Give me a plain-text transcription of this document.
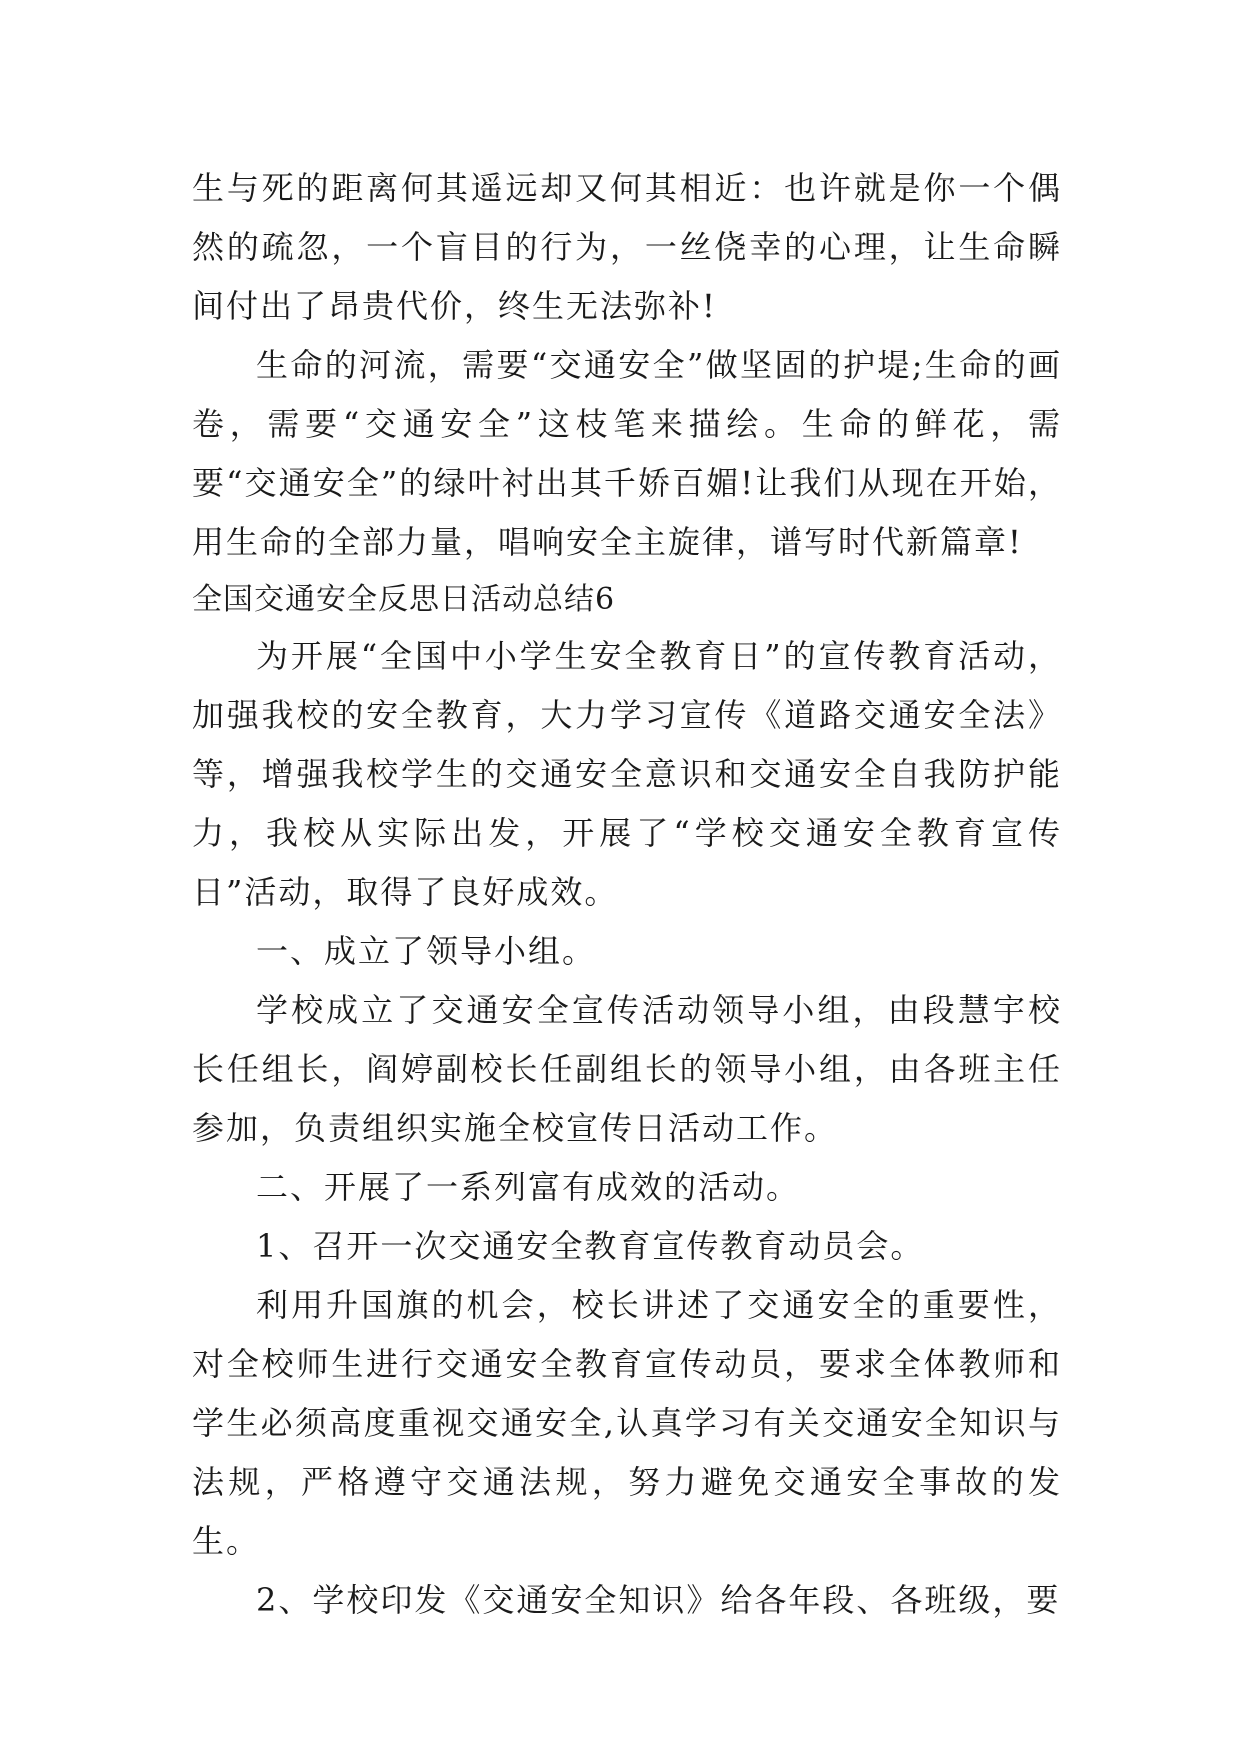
生与死的距离何其遥远却又何其相近：也许就是你一个偶然的疏忽，一个盲目的行为，一丝侥幸的心理，让生命瞬间付出了昂贵代价，终生无法弥补!

生命的河流，需要“交通安全”做坚固的护堤;生命的画卷，需要“交通安全”这枝笔来描绘。生命的鲜花，需要“交通安全”的绿叶衬出其千娇百媚!让我们从现在开始，用生命的全部力量，唱响安全主旋律，谱写时代新篇章!

全国交通安全反思日活动总结6

为开展“全国中小学生安全教育日”的宣传教育活动，加强我校的安全教育，大力学习宣传《道路交通安全法》等，增强我校学生的交通安全意识和交通安全自我防护能力，我校从实际出发，开展了“学校交通安全教育宣传日”活动，取得了良好成效。

一、成立了领导小组。

学校成立了交通安全宣传活动领导小组，由段慧宇校长任组长，阎婷副校长任副组长的领导小组，由各班主任参加，负责组织实施全校宣传日活动工作。

二、开展了一系列富有成效的活动。

1、召开一次交通安全教育宣传教育动员会。

利用升国旗的机会，校长讲述了交通安全的重要性，对全校师生进行交通安全教育宣传动员，要求全体教师和学生必须高度重视交通安全,认真学习有关交通安全知识与法规，严格遵守交通法规，努力避免交通安全事故的发生。

2、学校印发《交通安全知识》给各年段、各班级，要
